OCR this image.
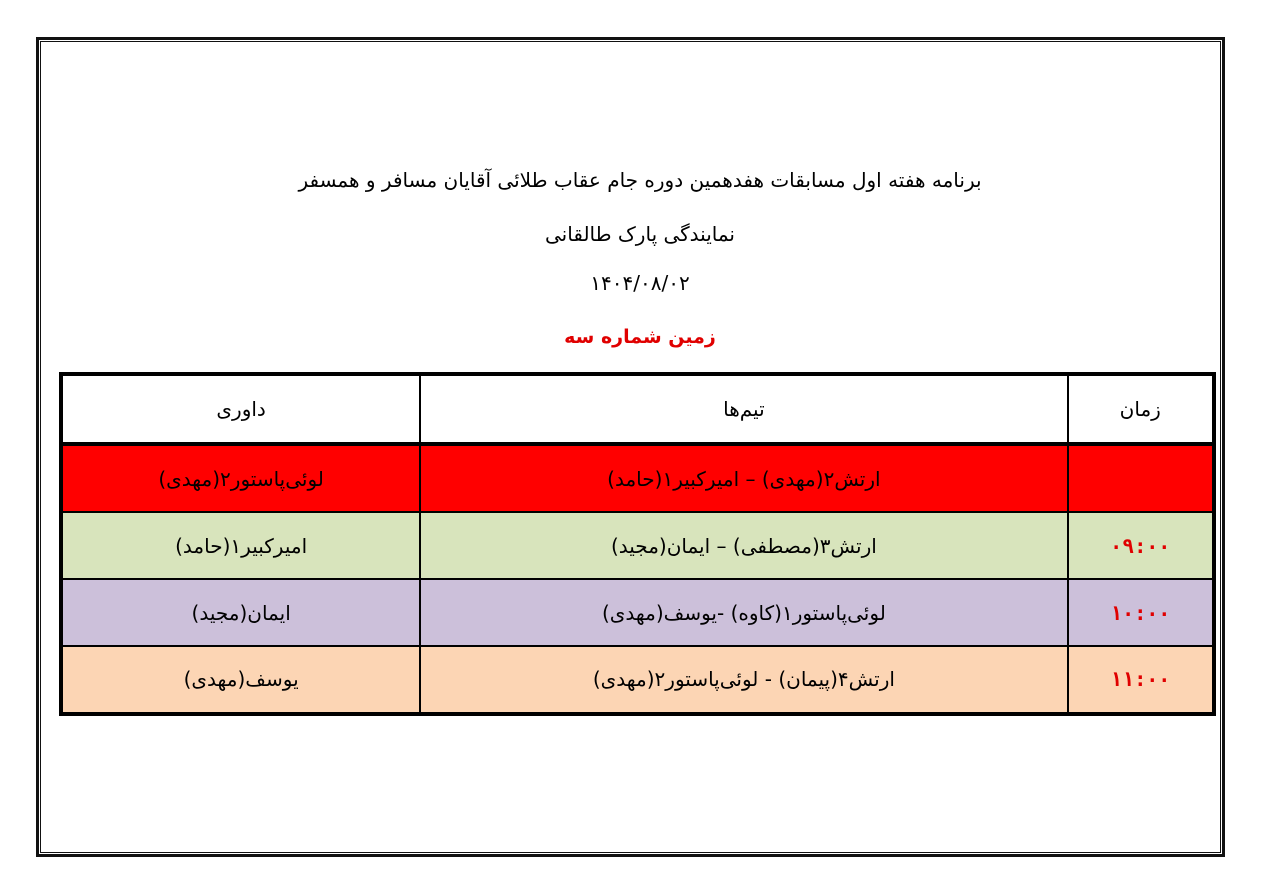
برنامه هفته اول مسابقات هفدهمین دوره جام عقاب طلائی آقایان مسافر و همسفر
نمایندگی پارک طالقانی
۱۴۰۴/۰۸/۰۲
زمین شماره سه
زمان	تیم‌ها	داوری
	ارتش۲(مهدی) – امیرکبیر۱(حامد)	لوئی‌پاستور۲(مهدی)
۰۹:۰۰	ارتش۳(مصطفی) – ایمان(مجید)	امیرکبیر۱(حامد)
۱۰:۰۰	لوئی‌پاستور۱(کاوه) -یوسف(مهدی)	ایمان(مجید)
۱۱:۰۰	ارتش۴(پیمان) - لوئی‌پاستور۲(مهدی)	یوسف(مهدی)
